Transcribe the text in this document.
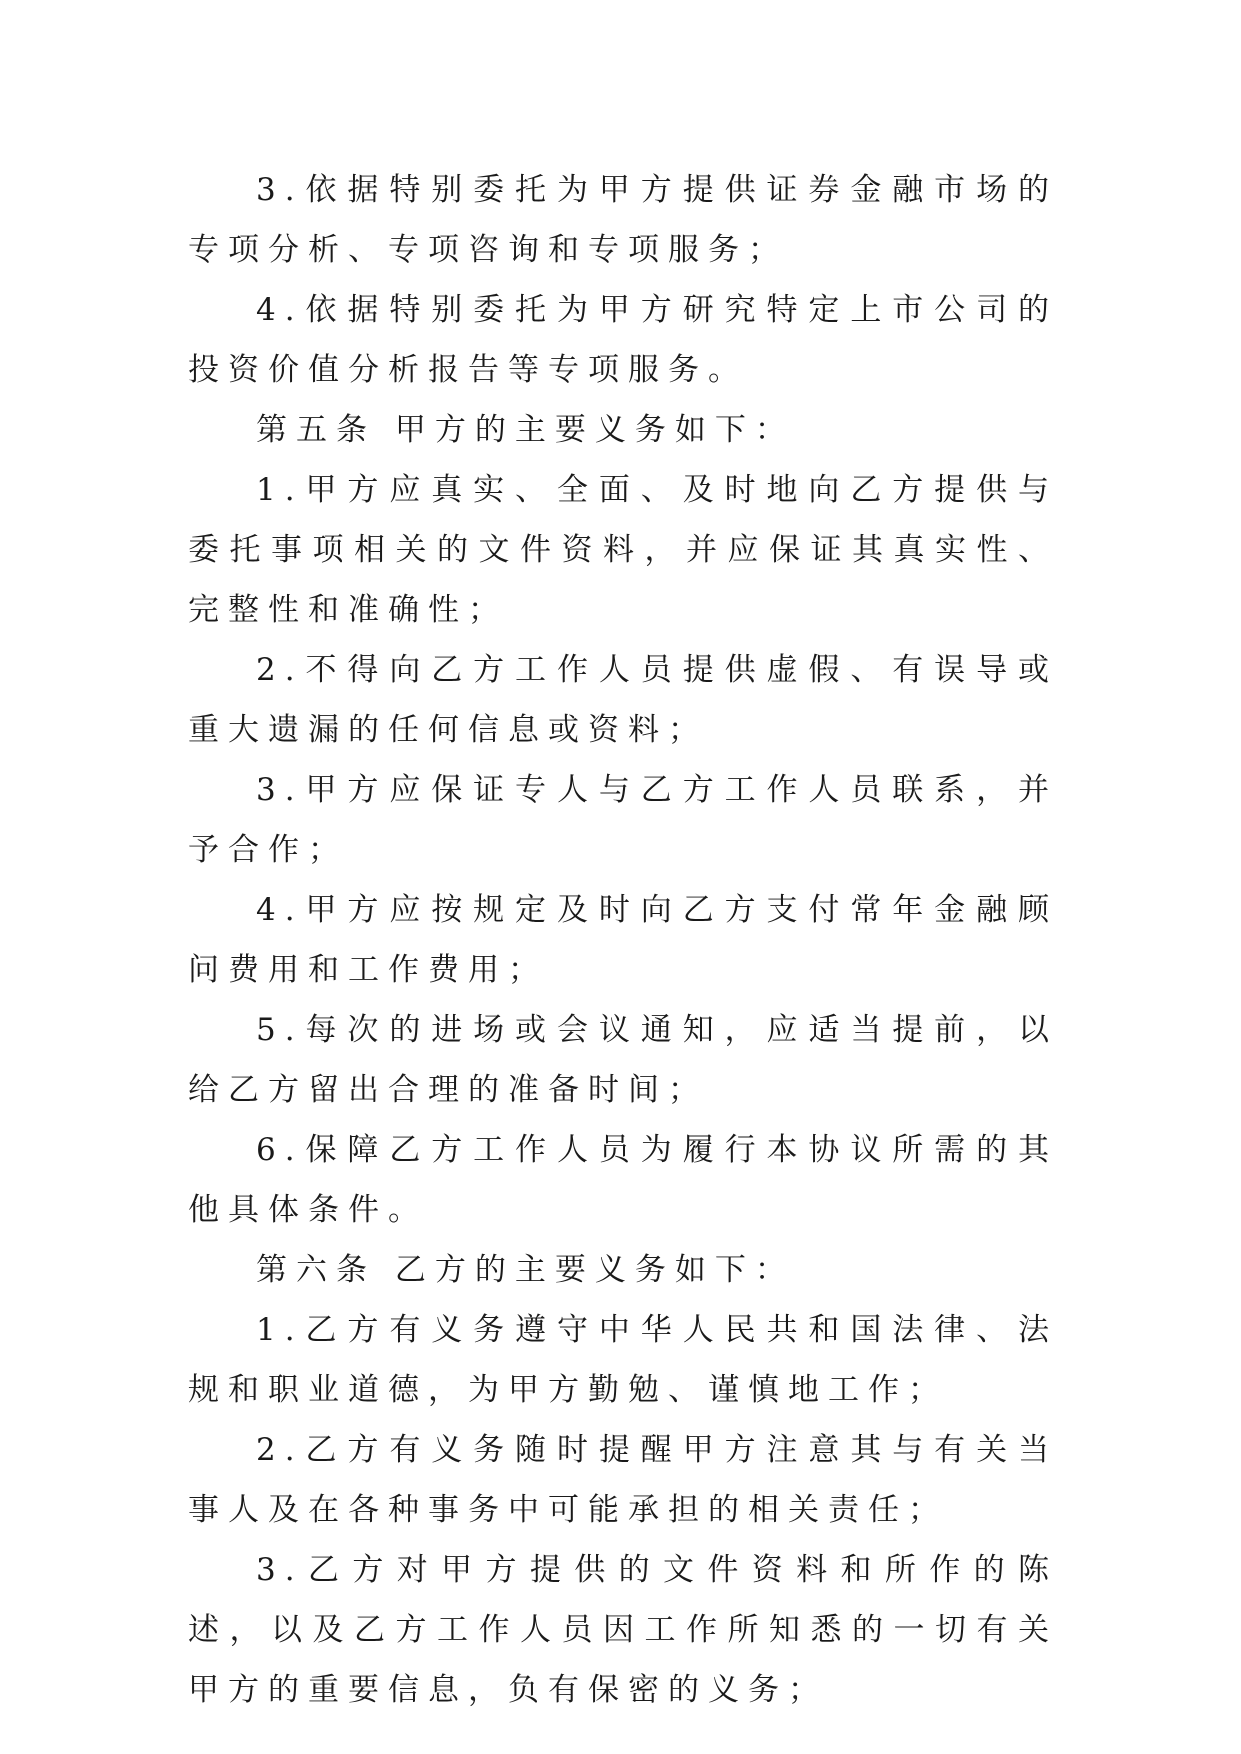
3.依据特别委托为甲方提供证券金融市场的专项分析、专项咨询和专项服务；

4.依据特别委托为甲方研究特定上市公司的投资价值分析报告等专项服务。

第五条 甲方的主要义务如下：

1.甲方应真实、全面、及时地向乙方提供与委托事项相关的文件资料，并应保证其真实性、完整性和准确性；

2.不得向乙方工作人员提供虚假、有误导或重大遗漏的任何信息或资料；

3.甲方应保证专人与乙方工作人员联系，并予合作；

4.甲方应按规定及时向乙方支付常年金融顾问费用和工作费用；

5.每次的进场或会议通知，应适当提前，以给乙方留出合理的准备时间；

6.保障乙方工作人员为履行本协议所需的其他具体条件。

第六条 乙方的主要义务如下：

1.乙方有义务遵守中华人民共和国法律、法规和职业道德，为甲方勤勉、谨慎地工作；

2.乙方有义务随时提醒甲方注意其与有关当事人及在各种事务中可能承担的相关责任；

3.乙方对甲方提供的文件资料和所作的陈述，以及乙方工作人员因工作所知悉的一切有关甲方的重要信息，负有保密的义务；
